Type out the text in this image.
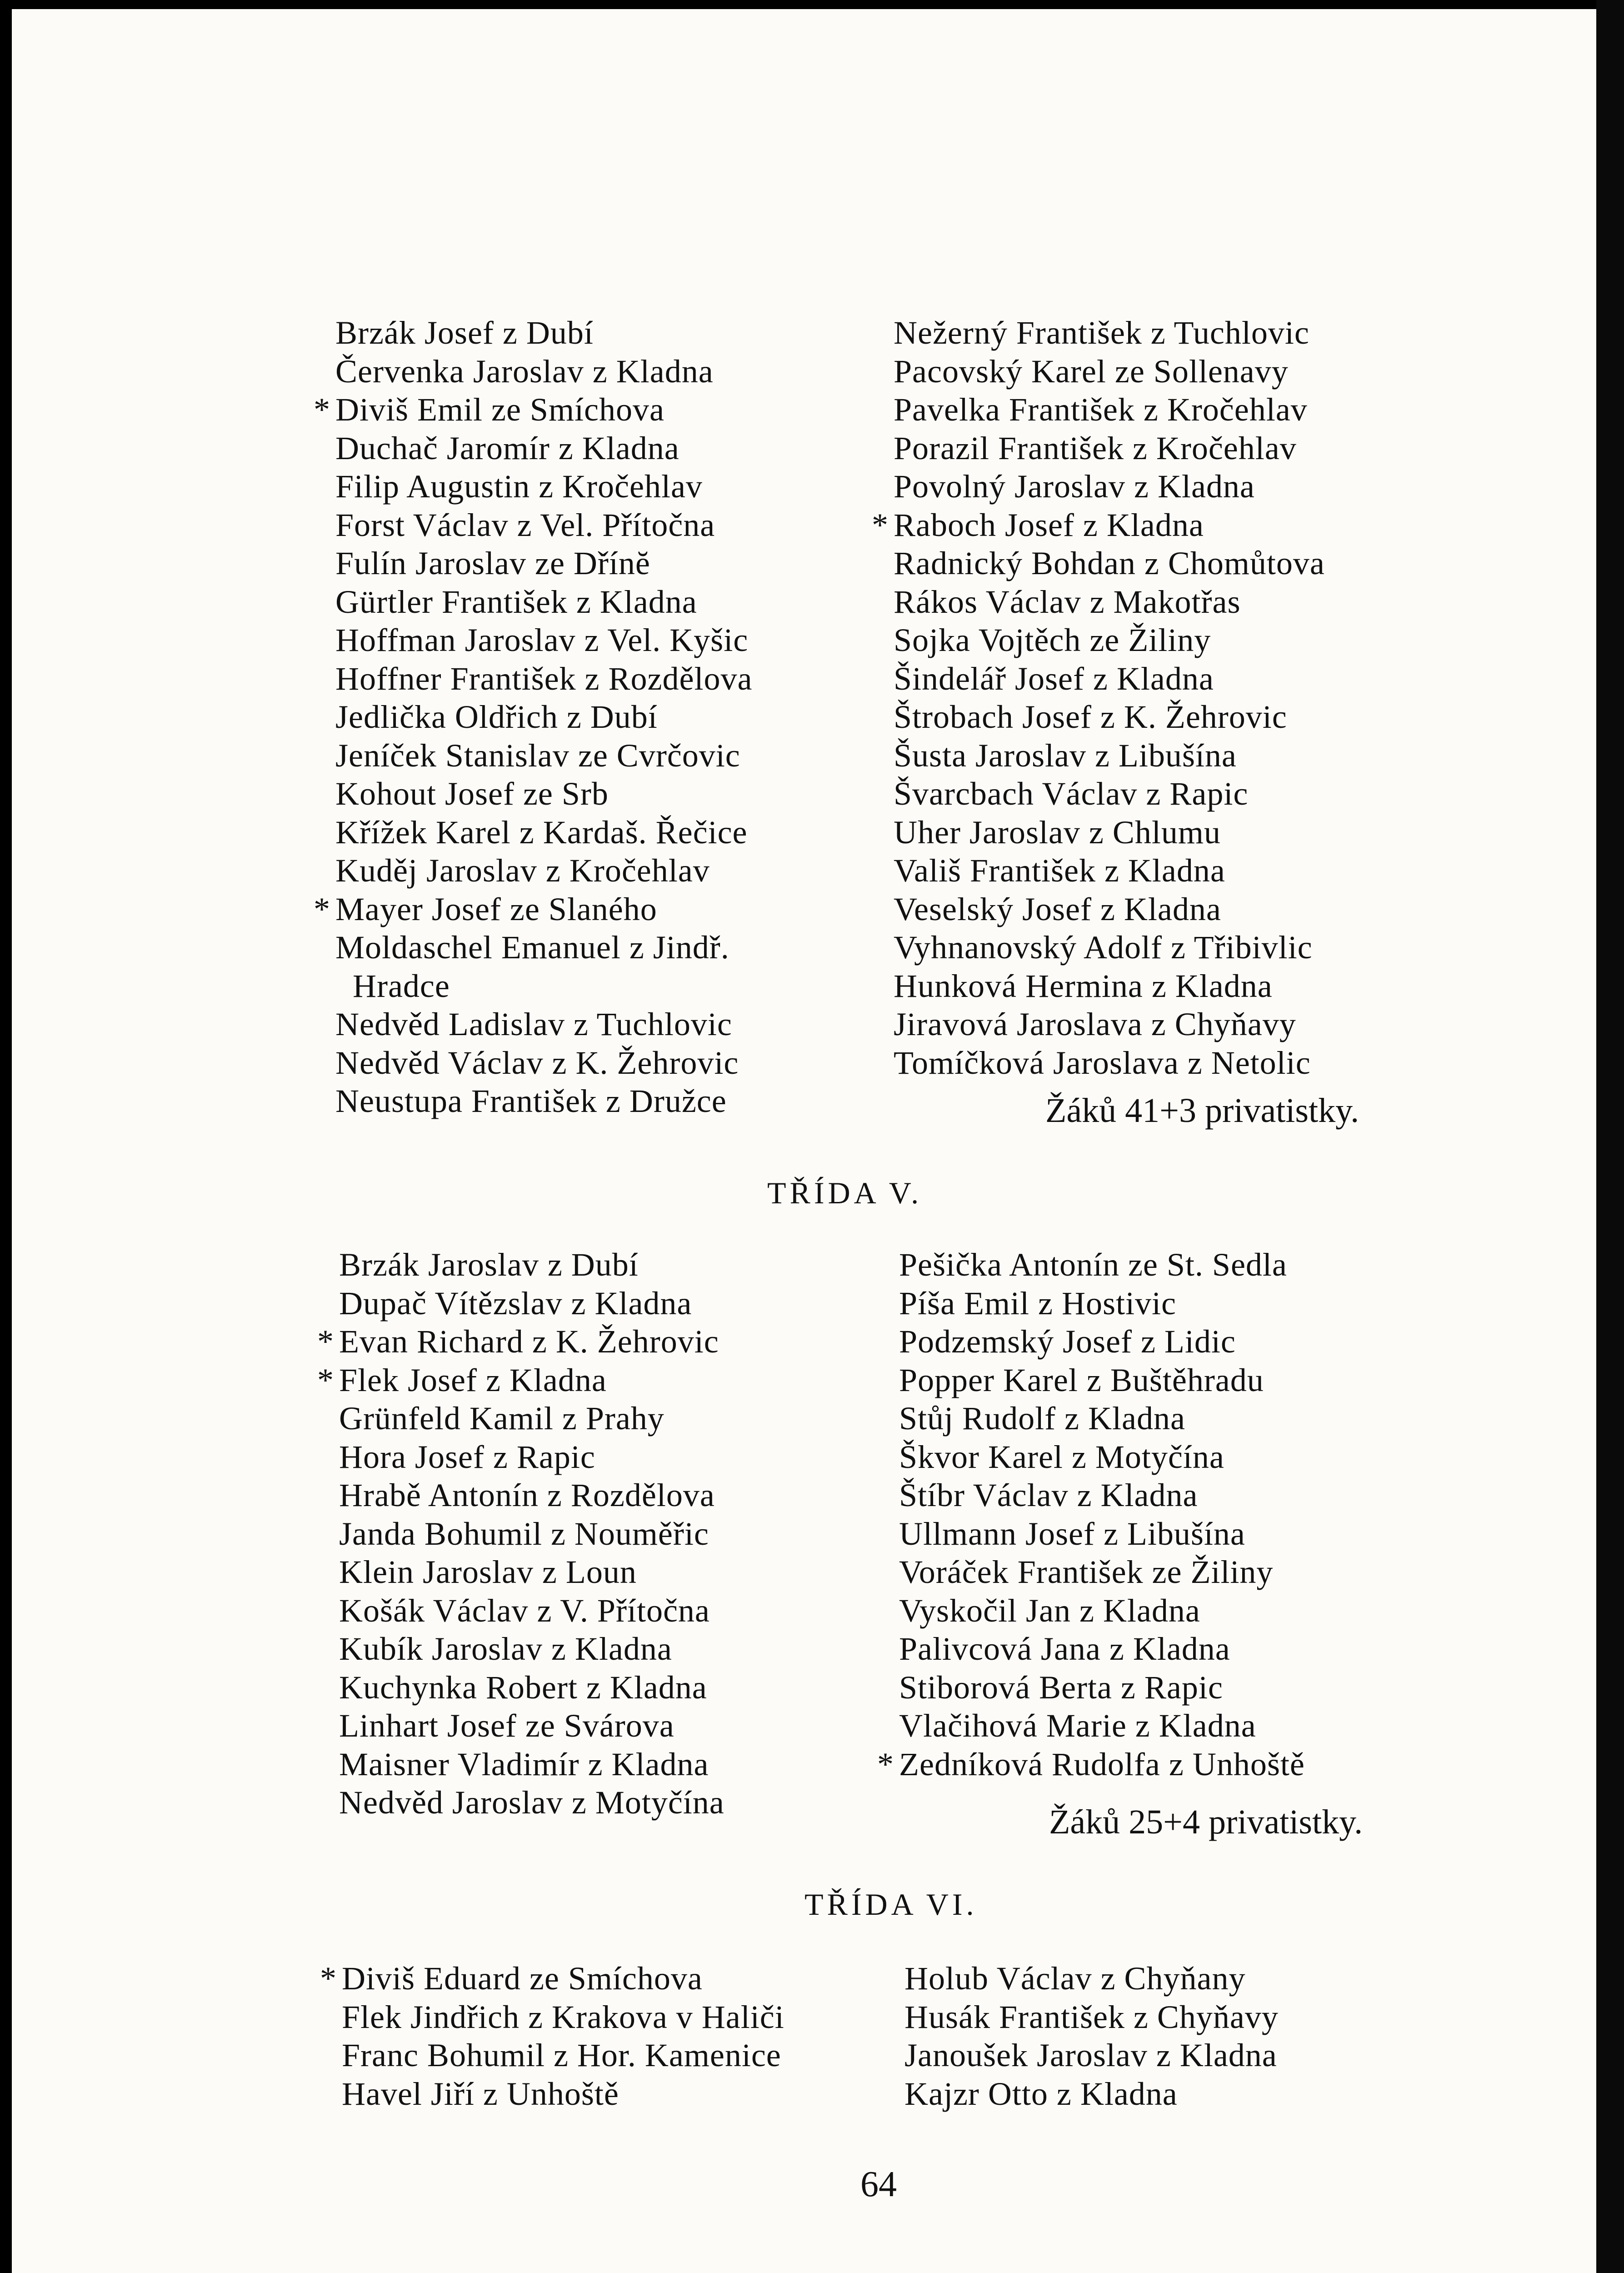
Brzák Josef z Dubí
Červenka Jaroslav z Kladna
* Diviš Emil ze Smíchova
Duchač Jaromír z Kladna
Filip Augustin z Kročehlav
Forst Václav z Vel. Přítočna
Fulín Jaroslav ze Dřínĕ
Gürtler František z Kladna
Hoffman Jaroslav z Vel. Kyšic
Hoffner František z Rozdělova
Jedlička Oldřich z Dubí
Jeníček Stanislav ze Cvrčovic
Kohout Josef ze Srb
Křížek Karel z Kardaš. Řečice
Kuděj Jaroslav z Kročehlav
* Mayer Josef ze Slaného
Moldaschel Emanuel z Jindř.
Hradce
Nedvěd Ladislav z Tuchlovic
Nedvěd Václav z K. Žehrovic
Neustupa František z Družce
Nežerný František z Tuchlovic
Pacovský Karel ze Sollenavy
Pavelka František z Kročehlav
Porazil František z Kročehlav
Povolný Jaroslav z Kladna
* Raboch Josef z Kladna
Radnický Bohdan z Chomůtova
Rákos Václav z Makotřas
Sojka Vojtěch ze Žiliny
Šindelář Josef z Kladna
Štrobach Josef z K. Žehrovic
Šusta Jaroslav z Libušína
Švarcbach Václav z Rapic
Uher Jaroslav z Chlumu
Vališ František z Kladna
Veselský Josef z Kladna
Vyhnanovský Adolf z Třibivlic
Hunková Hermina z Kladna
Jiravová Jaroslava z Chyňavy
Tomíčková Jaroslava z Netolic
Žáků 41+3 privatistky.
TŘÍDA V.
Brzák Jaroslav z Dubí
Dupač Vítězslav z Kladna
* Evan Richard z K. Žehrovic
* Flek Josef z Kladna
Grünfeld Kamil z Prahy
Hora Josef z Rapic
Hrabě Antonín z Rozdělova
Janda Bohumil z Nouměřic
Klein Jaroslav z Loun
Košák Václav z V. Přítočna
Kubík Jaroslav z Kladna
Kuchynka Robert z Kladna
Linhart Josef ze Svárova
Maisner Vladimír z Kladna
Nedvěd Jaroslav z Motyčína
Pešička Antonín ze St. Sedla
Píša Emil z Hostivic
Podzemský Josef z Lidic
Popper Karel z Buštěhradu
Stůj Rudolf z Kladna
Škvor Karel z Motyčína
Štíbr Václav z Kladna
Ullmann Josef z Libušína
Voráček František ze Žiliny
Vyskočil Jan z Kladna
Palivcová Jana z Kladna
Stiborová Berta z Rapic
Vlačihová Marie z Kladna
* Zedníková Rudolfa z Unhoště
Žáků 25+4 privatistky.
TŘÍDA VI.
* Diviš Eduard ze Smíchova
Flek Jindřich z Krakova v Haliči
Franc Bohumil z Hor. Kamenice
Havel Jiří z Unhoště
Holub Václav z Chyňany
Husák František z Chyňavy
Janoušek Jaroslav z Kladna
Kajzr Otto z Kladna
64
